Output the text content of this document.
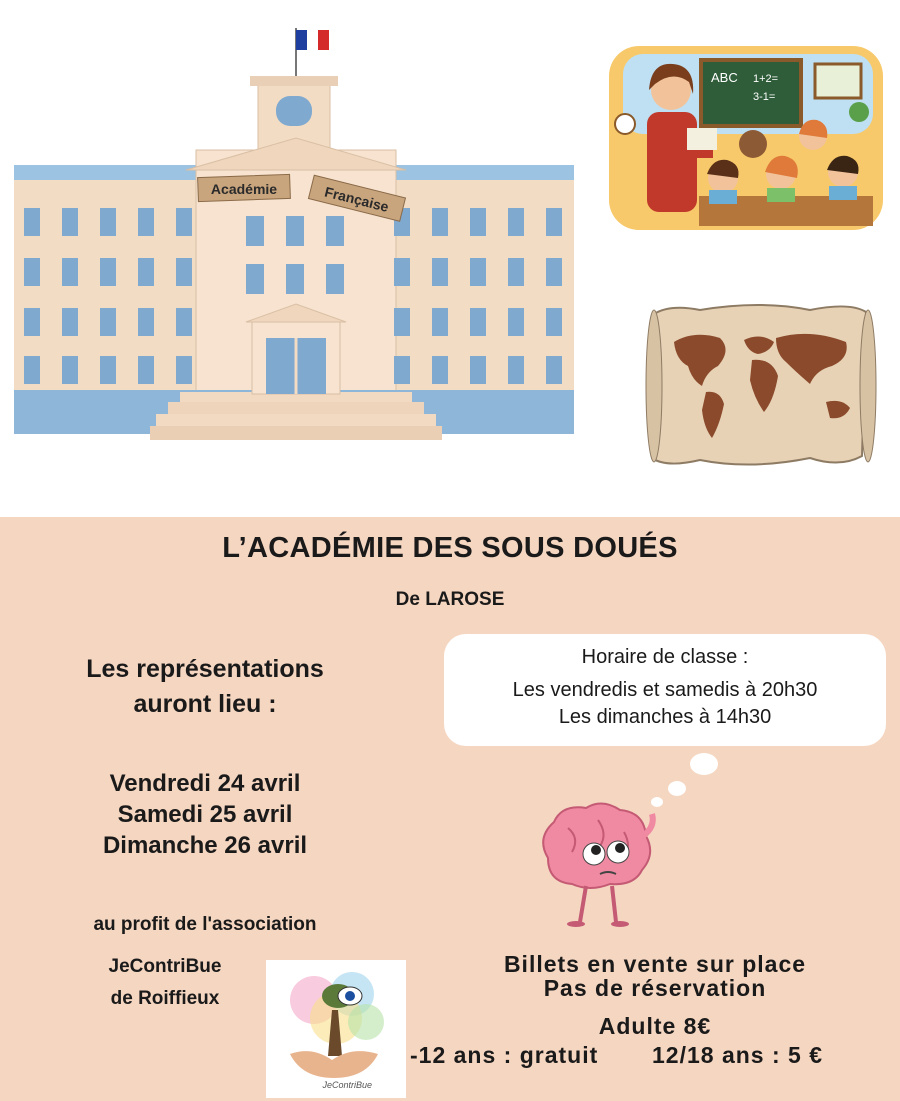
Académie	Française
ABC 1+2=
3-1=
L’ACADÉMIE DES SOUS DOUÉS
De LAROSE
Les représentations
auront lieu :
Vendredi 24 avril
Samedi 25 avril
Dimanche 26 avril
au profit de l'association
JeContriBue
de Roiffieux
JeContriBue
Horaire de classe :
Les vendredis et samedis à 20h30
Les dimanches à 14h30
Billets en vente sur place
Pas de réservation
Adulte 8€
-12 ans : gratuit 12/18 ans : 5 €
